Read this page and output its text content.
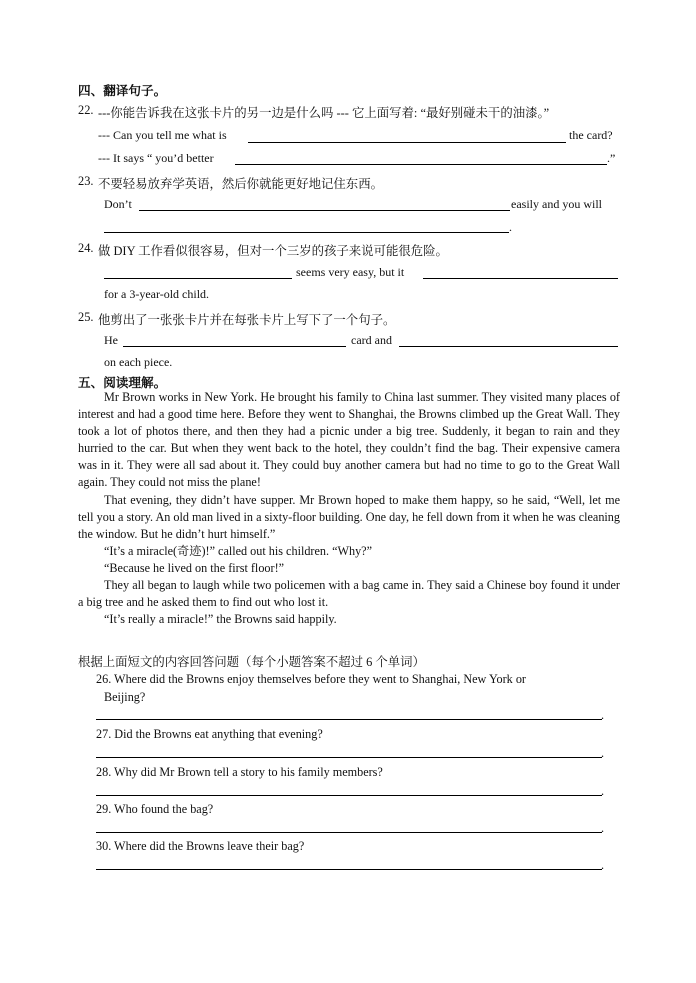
四、翻译句子。
22. ---你能告诉我在这张卡片的另一边是什么吗 --- 它上面写着: “最好别碰未干的油漆。”
--- Can you tell me what is	the card?
--- It says “ you’d better	.”
23. 不要轻易放弃学英语，然后你就能更好地记住东西。
Don’t	easily and you will
.
24. 做 DIY 工作看似很容易，但对一个三岁的孩子来说可能很危险。
seems very easy, but it
for a 3-year-old child.
25. 他剪出了一张张卡片并在每张卡片上写下了一个句子。
He	card and
on each piece.
五、阅读理解。

Mr Brown works in New York. He brought his family to China last summer. They visited many places of interest and had a good time here. Before they went to Shanghai, the Browns climbed up the Great Wall. They took a lot of photos there, and then they had a picnic under a big tree. Suddenly, it began to rain and they hurried to the car. But when they went back to the hotel, they couldn’t find the bag. Their expensive camera was in it. They were all sad about it. They could buy another camera but had no time to go to the Great Wall again. They could not miss the plane!

That evening, they didn’t have supper. Mr Brown hoped to make them happy, so he said, “Well, let me tell you a story. An old man lived in a sixty-floor building. One day, he fell down from it when he was cleaning the window. But he didn’t hurt himself.”

“It’s a miracle(奇迹)!” called out his children. “Why?”

“Because he lived on the first floor!”

They all began to laugh while two policemen with a bag came in. They said a Chinese boy found it under a big tree and he asked them to find out who lost it.

“It’s really a miracle!” the Browns said happily.

根据上面短文的内容回答问题（每个小题答案不超过 6 个单词）
26. Where did the Browns enjoy themselves before they went to Shanghai, New York or
Beijing?
.
27. Did the Browns eat anything that evening?
.
28. Why did Mr Brown tell a story to his family members?
.
29. Who found the bag?
.
30. Where did the Browns leave their bag?
.
